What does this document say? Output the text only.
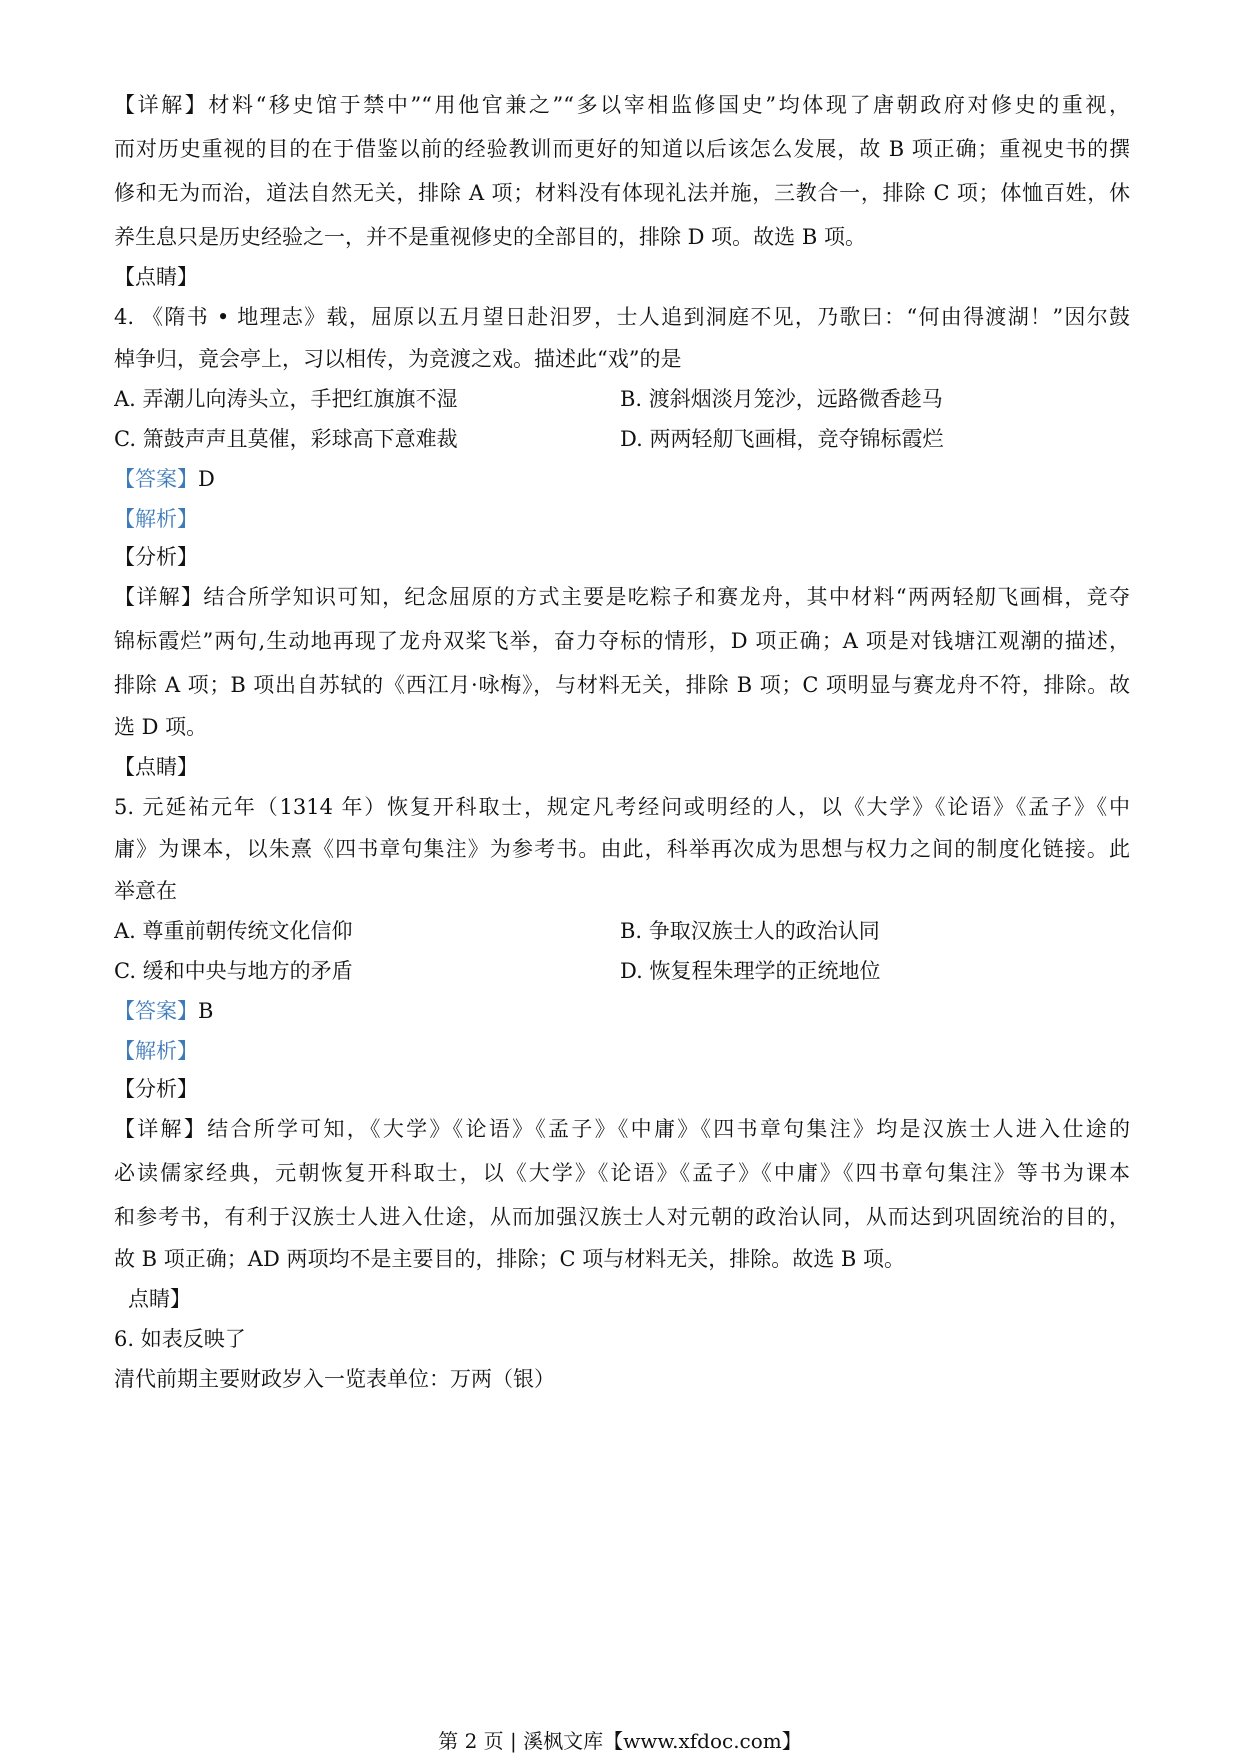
【详解】材料“移史馆于禁中”“用他官兼之”“多以宰相监修国史”均体现了唐朝政府对修史的重视，
而对历史重视的目的在于借鉴以前的经验教训而更好的知道以后该怎么发展，故 B 项正确；重视史书的撰
修和无为而治，道法自然无关，排除 A 项；材料没有体现礼法并施，三教合一，排除 C 项；体恤百姓，休
养生息只是历史经验之一，并不是重视修史的全部目的，排除 D 项。故选 B 项。
【点睛】
4. 《隋书 • 地理志》载，屈原以五月望日赴汨罗，士人追到洞庭不见，乃歌曰：“何由得渡湖！”因尔鼓
棹争归，竟会亭上，习以相传，为竞渡之戏。描述此“戏”的是
A. 弄潮儿向涛头立，手把红旗旗不湿	B. 渡斜烟淡月笼沙，远路微香趁马
C. 箫鼓声声且莫催，彩球高下意难裁	D. 两两轻舠飞画楫，竞夺锦标霞烂
【答案】D
【解析】
【分析】
【详解】结合所学知识可知，纪念屈原的方式主要是吃粽子和赛龙舟，其中材料“两两轻舠飞画楫，竞夺
锦标霞烂”两句,生动地再现了龙舟双桨飞举，奋力夺标的情形，D 项正确；A 项是对钱塘江观潮的描述，
排除 A 项；B 项出自苏轼的《西江月·咏梅》，与材料无关，排除 B 项；C 项明显与赛龙舟不符，排除。故
选 D 项。
【点睛】
5. 元延祐元年（1314 年）恢复开科取士，规定凡考经问或明经的人，以《大学》《论语》《孟子》《中
庸》为课本，以朱熹《四书章句集注》为参考书。由此，科举再次成为思想与权力之间的制度化链接。此
举意在
A. 尊重前朝传统文化信仰	B. 争取汉族士人的政治认同
C. 缓和中央与地方的矛盾	D. 恢复程朱理学的正统地位
【答案】B
【解析】
【分析】
【详解】结合所学可知，《大学》《论语》《孟子》《中庸》《四书章句集注》均是汉族士人进入仕途的
必读儒家经典，元朝恢复开科取士，以《大学》《论语》《孟子》《中庸》《四书章句集注》等书为课本
和参考书，有利于汉族士人进入仕途，从而加强汉族士人对元朝的政治认同，从而达到巩固统治的目的，
故 B 项正确；AD 两项均不是主要目的，排除；C 项与材料无关，排除。故选 B 项。
点睛】
6. 如表反映了
清代前期主要财政岁入一览表单位：万两（银）
第 2 页 | 溪枫文库【www.xfdoc.com】
